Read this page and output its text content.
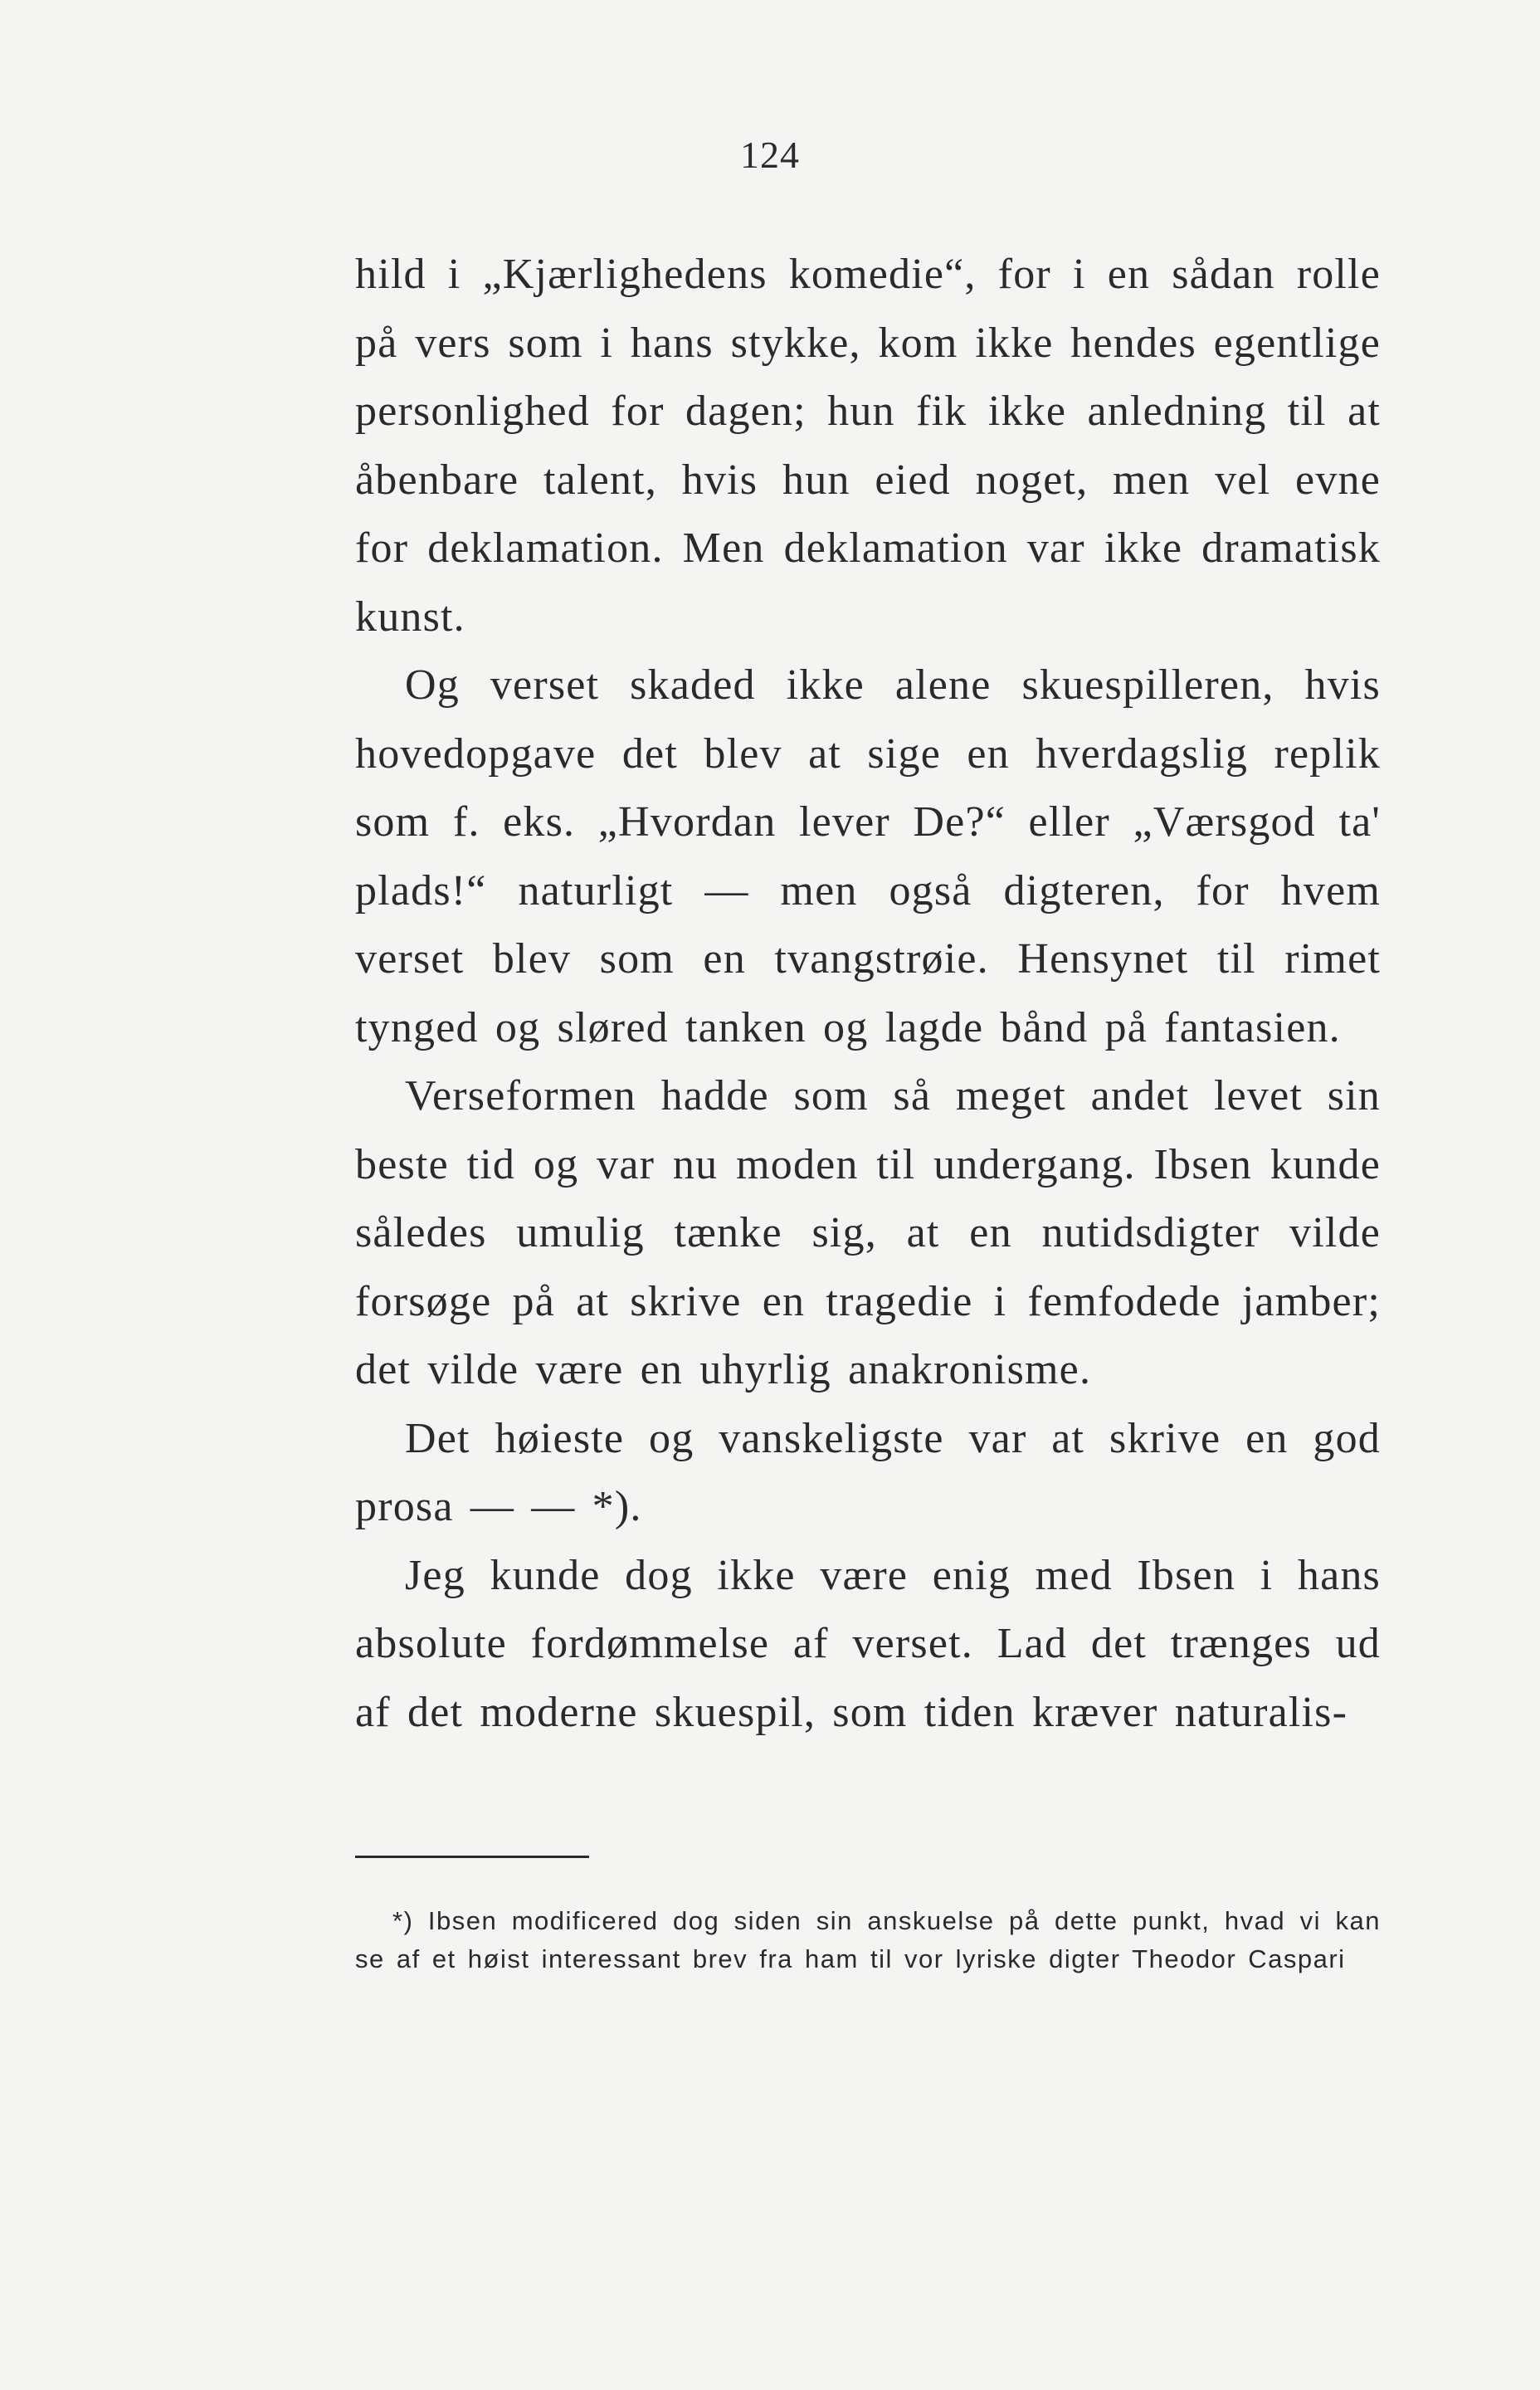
124

hild i „Kjærlighedens komedie“, for i en sådan rolle på vers som i hans stykke, kom ikke hendes egentlige personlighed for dagen; hun fik ikke anledning til at åbenbare talent, hvis hun eied noget, men vel evne for deklamation. Men deklamation var ikke dramatisk kunst.

Og verset skaded ikke alene skuespilleren, hvis hovedopgave det blev at sige en hverdagslig replik som f. eks. „Hvordan lever De?“ eller „Værsgod ta' plads!“ naturligt — men også digteren, for hvem verset blev som en tvangstrøie. Hensynet til rimet tynged og sløred tanken og lagde bånd på fantasien.

Verseformen hadde som så meget andet levet sin beste tid og var nu moden til undergang. Ibsen kunde således umulig tænke sig, at en nutidsdigter vilde forsøge på at skrive en tragedie i femfodede jamber; det vilde være en uhyrlig anakronisme.

Det høieste og vanskeligste var at skrive en god prosa — — *).

Jeg kunde dog ikke være enig med Ibsen i hans absolute fordømmelse af verset. Lad det trænges ud af det moderne skuespil, som tiden kræver naturalis-

*) Ibsen modificered dog siden sin anskuelse på dette punkt, hvad vi kan se af et høist interessant brev fra ham til vor lyriske digter Theodor Caspari
